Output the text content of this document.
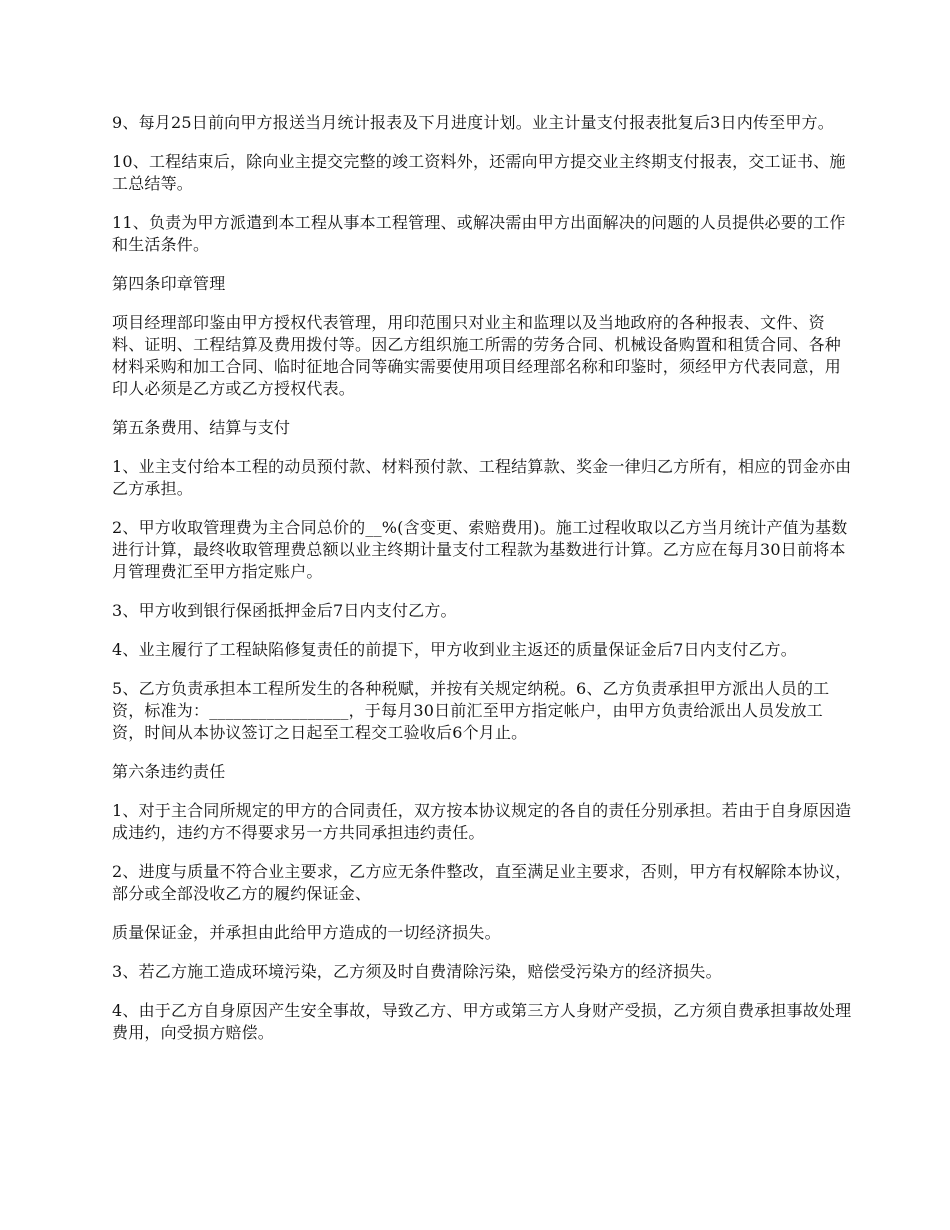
9、每月25日前向甲方报送当月统计报表及下月进度计划。业主计量支付报表批复后3日内传至甲方。

10、工程结束后，除向业主提交完整的竣工资料外，还需向甲方提交业主终期支付报表，交工证书、施工总结等。

11、负责为甲方派遣到本工程从事本工程管理、或解决需由甲方出面解决的问题的人员提供必要的工作和生活条件。

第四条印章管理

项目经理部印鉴由甲方授权代表管理，用印范围只对业主和监理以及当地政府的各种报表、文件、资料、证明、工程结算及费用拨付等。因乙方组织施工所需的劳务合同、机械设备购置和租赁合同、各种材料采购和加工合同、临时征地合同等确实需要使用项目经理部名称和印鉴时，须经甲方代表同意，用印人必须是乙方或乙方授权代表。

第五条费用、结算与支付

1、业主支付给本工程的动员预付款、材料预付款、工程结算款、奖金一律归乙方所有，相应的罚金亦由乙方承担。

2、甲方收取管理费为主合同总价的__%(含变更、索赔费用)。施工过程收取以乙方当月统计产值为基数进行计算，最终收取管理费总额以业主终期计量支付工程款为基数进行计算。乙方应在每月30日前将本月管理费汇至甲方指定账户。

3、甲方收到银行保函抵押金后7日内支付乙方。

4、业主履行了工程缺陷修复责任的前提下，甲方收到业主返还的质量保证金后7日内支付乙方。

5、乙方负责承担本工程所发生的各种税赋，并按有关规定纳税。6、乙方负责承担甲方派出人员的工资，标准为：_________________，于每月30日前汇至甲方指定帐户，由甲方负责给派出人员发放工资，时间从本协议签订之日起至工程交工验收后6个月止。

第六条违约责任

1、对于主合同所规定的甲方的合同责任，双方按本协议规定的各自的责任分别承担。若由于自身原因造成违约，违约方不得要求另一方共同承担违约责任。

2、进度与质量不符合业主要求，乙方应无条件整改，直至满足业主要求，否则，甲方有权解除本协议，部分或全部没收乙方的履约保证金、

质量保证金，并承担由此给甲方造成的一切经济损失。

3、若乙方施工造成环境污染，乙方须及时自费清除污染，赔偿受污染方的经济损失。

4、由于乙方自身原因产生安全事故，导致乙方、甲方或第三方人身财产受损，乙方须自费承担事故处理费用，向受损方赔偿。
